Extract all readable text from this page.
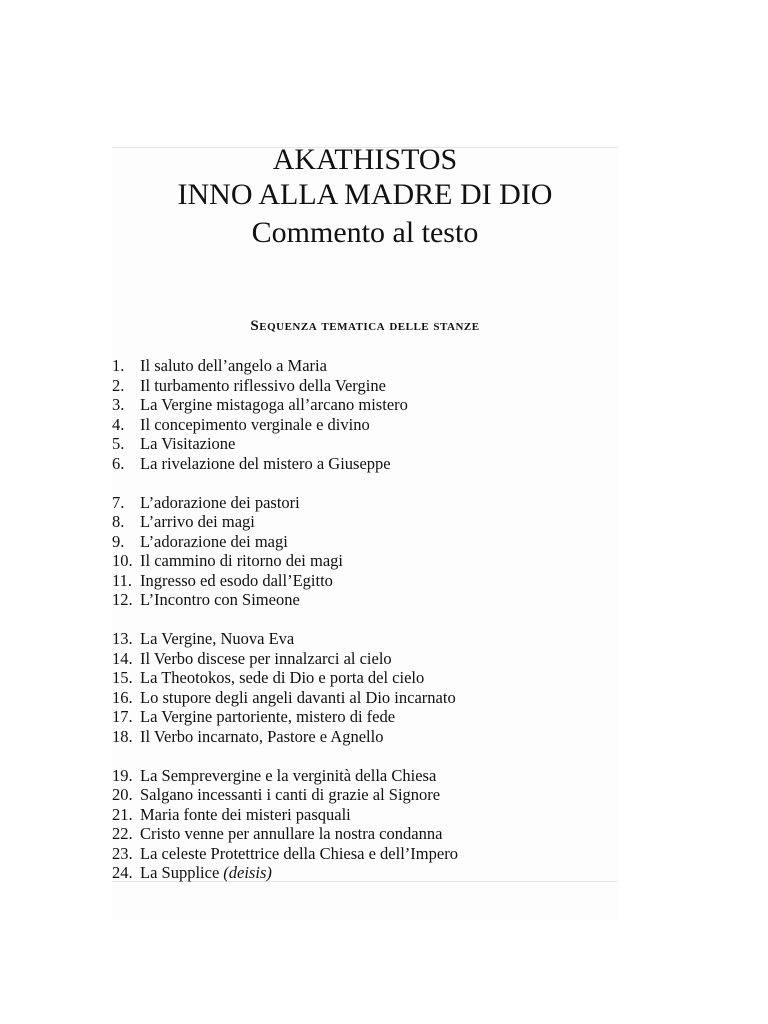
AKATHISTOS
INNO ALLA MADRE DI DIO
Commento al testo
Sequenza tematica delle stanze
1. Il saluto dell’angelo a Maria
2. Il turbamento riflessivo della Vergine
3. La Vergine mistagoga all’arcano mistero
4. Il concepimento verginale e divino
5. La Visitazione
6. La rivelazione del mistero a Giuseppe
7. L’adorazione dei pastori
8. L’arrivo dei magi
9. L’adorazione dei magi
10. Il cammino di ritorno dei magi
11. Ingresso ed esodo dall’Egitto
12. L’Incontro con Simeone
13. La Vergine, Nuova Eva
14. Il Verbo discese per innalzarci al cielo
15. La Theotokos, sede di Dio e porta del cielo
16. Lo stupore degli angeli davanti al Dio incarnato
17. La Vergine partoriente, mistero di fede
18. Il Verbo incarnato, Pastore e Agnello
19. La Semprevergine e la verginità della Chiesa
20. Salgano incessanti i canti di grazie al Signore
21. Maria fonte dei misteri pasquali
22. Cristo venne per annullare la nostra condanna
23. La celeste Protettrice della Chiesa e dell’Impero
24. La Supplice (deisis)
